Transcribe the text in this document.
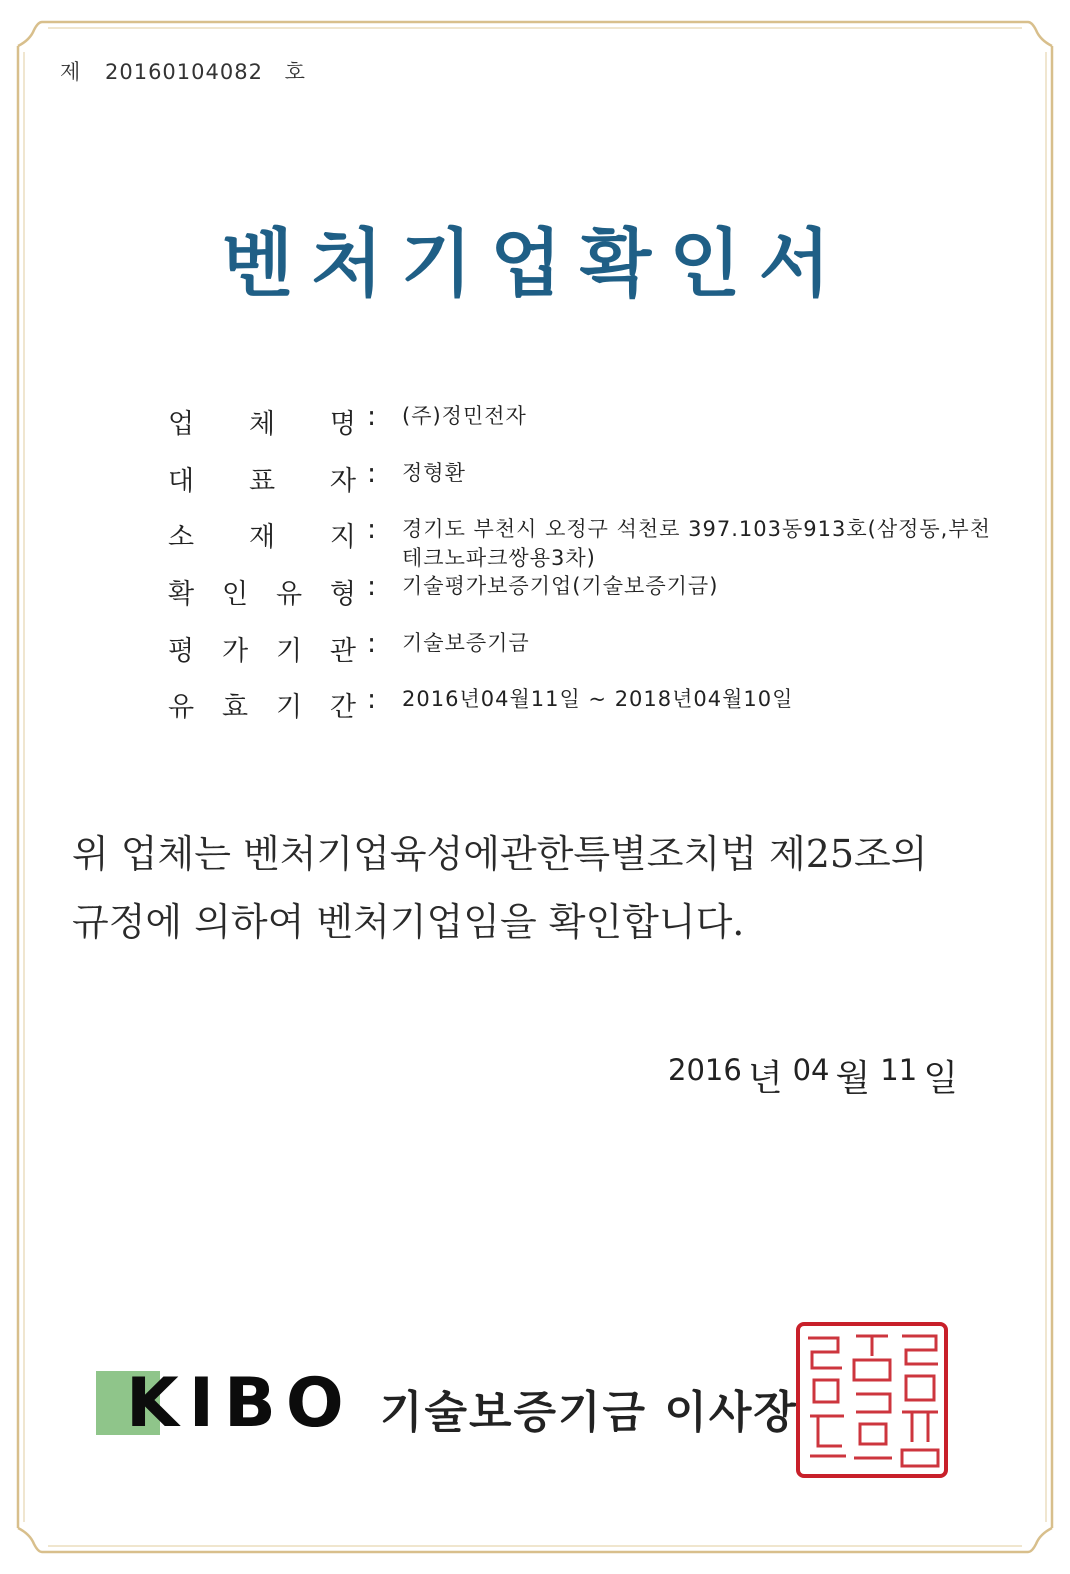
제 20160104082 호
벤처기업확인서
업 체 명 : (주)정민전자
대 표 자 : 정형환
소 재 지 : 경기도 부천시 오정구 석천로 397.103동913호(삼정동,부천테크노파크쌍용3차)
확 인 유 형 : 기술평가보증기업(기술보증기금)
평 가 기 관 : 기술보증기금
유 효 기 간 : 2016년04월11일 ~ 2018년04월10일
위 업체는 벤처기업육성에관한특별조치법 제25조의
규정에 의하여 벤처기업임을 확인합니다.
2016 년 04 월 11 일
KIBO 기술보증기금 이사장
